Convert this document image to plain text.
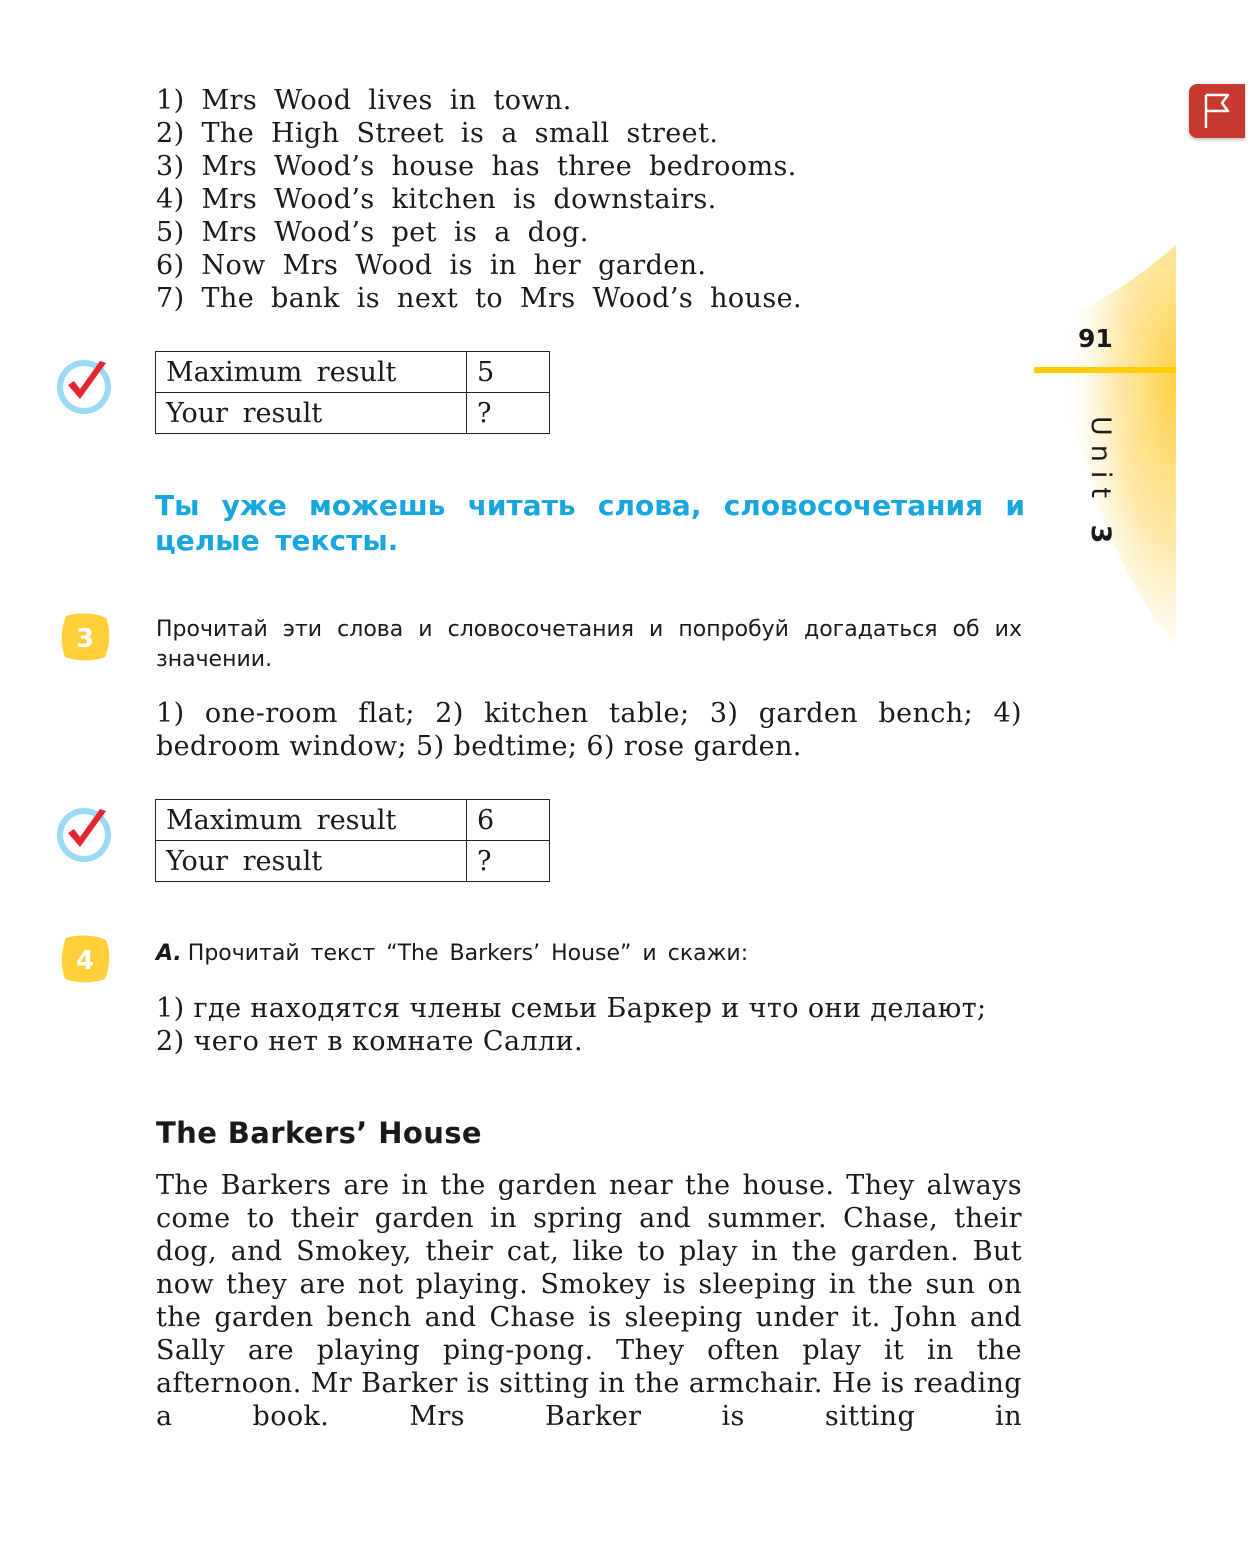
1) Mrs Wood lives in town.
2) The High Street is a small street.
3) Mrs Wood’s house has three bedrooms.
4) Mrs Wood’s kitchen is downstairs.
5) Mrs Wood’s pet is a dog.
6) Now Mrs Wood is in her garden.
7) The bank is next to Mrs Wood’s house.
Maximum result	5
Your result	?

Ты уже можешь читать слова, словосочетания и целые тексты.

3	Прочитай эти слова и словосочетания и попробуй догадаться об их значении.

1) one-room flat; 2) kitchen table; 3) garden bench; 4) bedroom window; 5) bedtime; 6) rose garden.

Maximum result	6
Your result	?
4	A. Прочитай текст “The Barkers’ House” и скажи:

1) где находятся члены семьи Баркер и что они делают;

2) чего нет в комнате Салли.

The Barkers’ House

The Barkers are in the garden near the house. They always come to their garden in spring and summer. Chase, their dog, and Smokey, their cat, like to play in the garden. But now they are not playing. Smokey is sleeping in the sun on the garden bench and Chase is sleeping under it. John and Sally are playing ping-pong. They often play it in the afternoon. Mr Barker is sitting in the armchair. He is reading a book. Mrs Barker is sitting in

91
Unit 3
